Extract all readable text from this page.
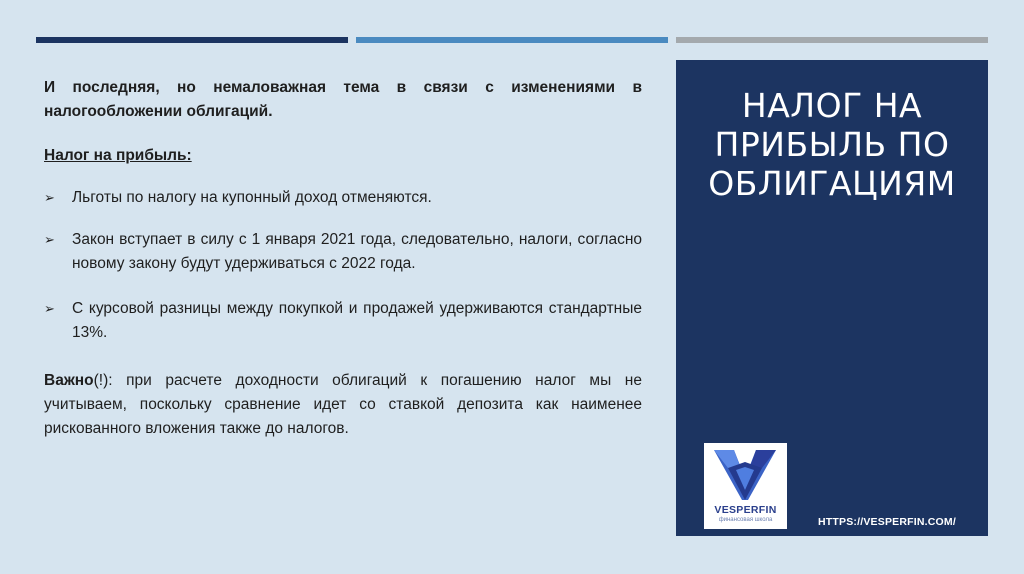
И последняя, но немаловажная тема в связи с изменениями в налогообложении облигаций.
Налог на прибыль:
➢ Льготы по налогу на купонный доход отменяются.
➢ Закон вступает в силу с 1 января 2021 года, следовательно, налоги, согласно новому закону будут удерживаться с 2022 года.
➢ С курсовой разницы между покупкой и продажей удерживаются стандартные 13%.
Важно(!): при расчете доходности облигаций к погашению налог мы не учитываем, поскольку сравнение идет со ставкой депозита как наименее рискованного вложения также до налогов.
НАЛОГ НА
ПРИБЫЛЬ ПО
ОБЛИГАЦИЯМ
VESPERFIN
финансовая школа	HTTPS://VESPERFIN.COM/
